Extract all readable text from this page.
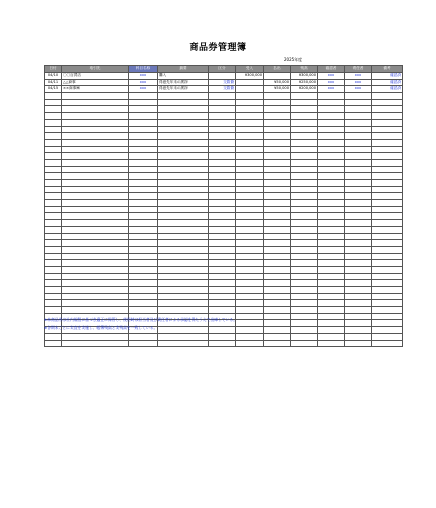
商品券管理簿
2025年度
日付	取引先	科目名称	摘要	区分	受入	払出	残高	確認者	責任者	備考
04/10	〇〇百貨店	xxx	購入		¥300,000		¥300,000	xxx	xxx	確認済
04/11	△△商事	xxx	得意先年末の挨拶	交際費		¥50,000	¥250,000	xxx	xxx	確認済
04/15	××商事㈱	xxx	得意先年末の挨拶	交際費		¥50,000	¥200,000	xxx	xxx	確認済

※本商品券は社内規程に基づき適正に保管し、使用時は担当者及び責任者による承認を得たうえで出庫している。
※各期末ごとに実査を実施し、帳簿残高と実残高を一致している。
